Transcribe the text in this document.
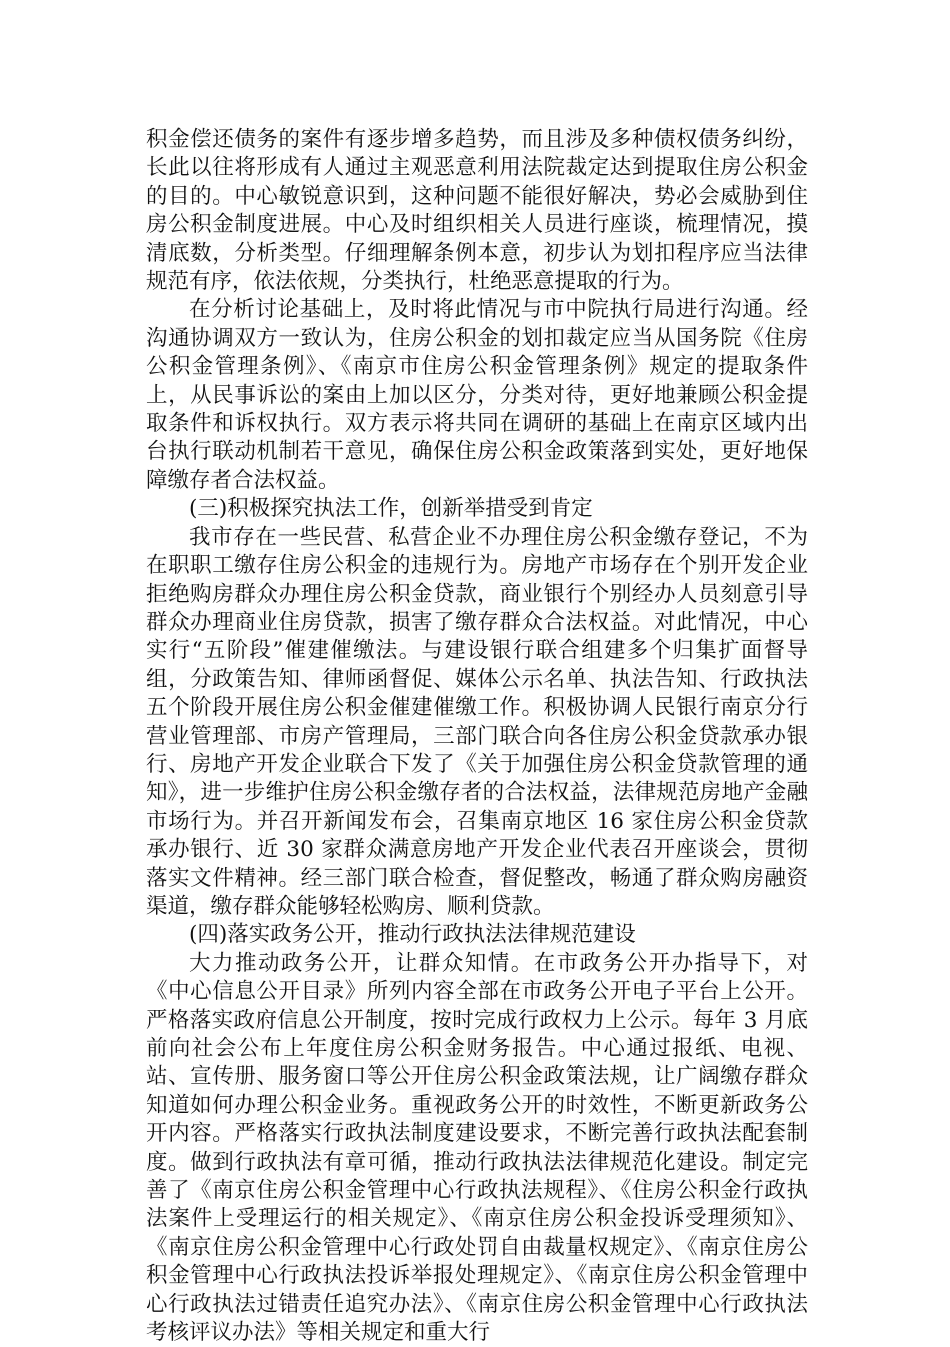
积金偿还债务的案件有逐步增多趋势，而且涉及多种债权债务纠纷，长此以往将形成有人通过主观恶意利用法院裁定达到提取住房公积金的目的。中心敏锐意识到，这种问题不能很好解决，势必会威胁到住房公积金制度进展。中心及时组织相关人员进行座谈，梳理情况，摸清底数，分析类型。仔细理解条例本意，初步认为划扣程序应当法律规范有序，依法依规，分类执行，杜绝恶意提取的行为。

在分析讨论基础上，及时将此情况与市中院执行局进行沟通。经沟通协调双方一致认为，住房公积金的划扣裁定应当从国务院《住房公积金管理条例》、《南京市住房公积金管理条例》规定的提取条件上，从民事诉讼的案由上加以区分，分类对待，更好地兼顾公积金提取条件和诉权执行。双方表示将共同在调研的基础上在南京区域内出台执行联动机制若干意见，确保住房公积金政策落到实处，更好地保障缴存者合法权益。

(三)积极探究执法工作，创新举措受到肯定

我市存在一些民营、私营企业不办理住房公积金缴存登记，不为在职职工缴存住房公积金的违规行为。房地产市场存在个别开发企业拒绝购房群众办理住房公积金贷款，商业银行个别经办人员刻意引导群众办理商业住房贷款，损害了缴存群众合法权益。对此情况，中心实行“五阶段”催建催缴法。与建设银行联合组建多个归集扩面督导组，分政策告知、律师函督促、媒体公示名单、执法告知、行政执法五个阶段开展住房公积金催建催缴工作。积极协调人民银行南京分行营业管理部、市房产管理局，三部门联合向各住房公积金贷款承办银行、房地产开发企业联合下发了《关于加强住房公积金贷款管理的通知》，进一步维护住房公积金缴存者的合法权益，法律规范房地产金融市场行为。并召开新闻发布会，召集南京地区 16 家住房公积金贷款承办银行、近 30 家群众满意房地产开发企业代表召开座谈会，贯彻落实文件精神。经三部门联合检查，督促整改，畅通了群众购房融资渠道，缴存群众能够轻松购房、顺利贷款。

(四)落实政务公开，推动行政执法法律规范建设

大力推动政务公开，让群众知情。在市政务公开办指导下，对《中心信息公开目录》所列内容全部在市政务公开电子平台上公开。严格落实政府信息公开制度，按时完成行政权力上公示。每年 3 月底前向社会公布上年度住房公积金财务报告。中心通过报纸、电视、站、宣传册、服务窗口等公开住房公积金政策法规，让广阔缴存群众知道如何办理公积金业务。重视政务公开的时效性，不断更新政务公开内容。严格落实行政执法制度建设要求，不断完善行政执法配套制度。做到行政执法有章可循，推动行政执法法律规范化建设。制定完善了《南京住房公积金管理中心行政执法规程》、《住房公积金行政执法案件上受理运行的相关规定》、《南京住房公积金投诉受理须知》、《南京住房公积金管理中心行政处罚自由裁量权规定》、《南京住房公积金管理中心行政执法投诉举报处理规定》、《南京住房公积金管理中心行政执法过错责任追究办法》、《南京住房公积金管理中心行政执法考核评议办法》等相关规定和重大行
